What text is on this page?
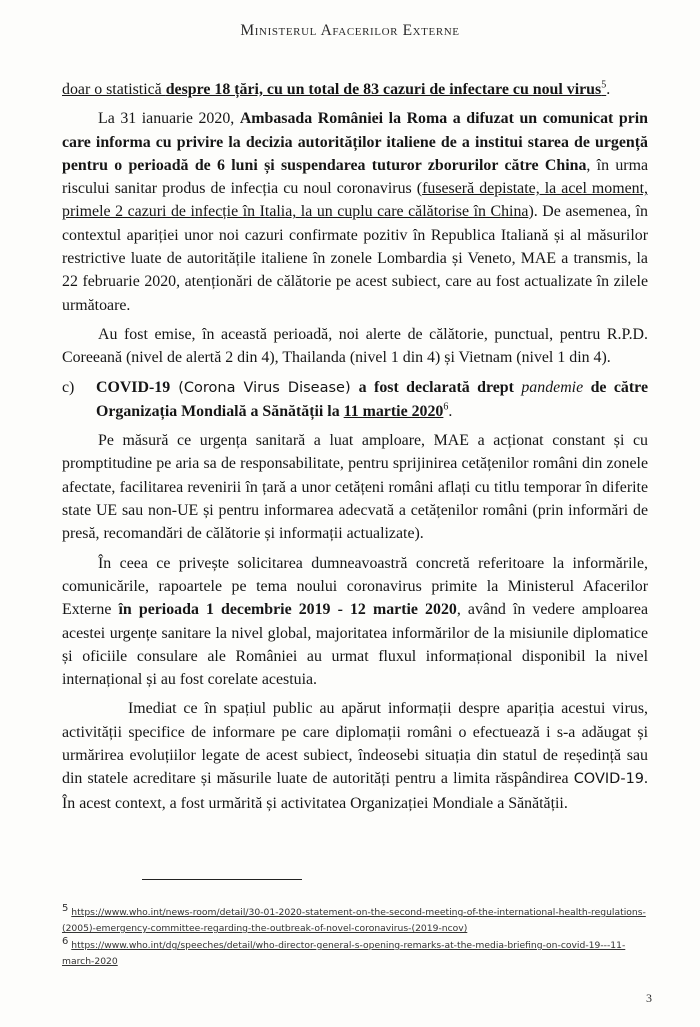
Ministerul Afacerilor Externe

doar o statistică despre 18 țări, cu un total de 83 cazuri de infectare cu noul virus$^5$.

La 31 ianuarie 2020, Ambasada României la Roma a difuzat un comunicat prin care informa cu privire la decizia autorităților italiene de a institui starea de urgență pentru o perioadă de 6 luni și suspendarea tuturor zborurilor către China, în urma riscului sanitar produs de infecția cu noul coronavirus (fuseseră depistate, la acel moment, primele 2 cazuri de infecție în Italia, la un cuplu care călătorise în China). De asemenea, în contextul apariției unor noi cazuri confirmate pozitiv în Republica Italiană și al măsurilor restrictive luate de autoritățile italiene în zonele Lombardia și Veneto, MAE a transmis, la 22 februarie 2020, atenționări de călătorie pe acest subiect, care au fost actualizate în zilele următoare.

Au fost emise, în această perioadă, noi alerte de călătorie, punctual, pentru R.P.D. Coreeană (nivel de alertă 2 din 4), Thailanda (nivel 1 din 4) și Vietnam (nivel 1 din 4).

c)	COVID-19 (Corona Virus Disease) a fost declarată drept pandemie de către Organizația Mondială a Sănătății la 11 martie 2020$^6$.

Pe măsură ce urgența sanitară a luat amploare, MAE a acționat constant și cu promptitudine pe aria sa de responsabilitate, pentru sprijinirea cetățenilor români din zonele afectate, facilitarea revenirii în țară a unor cetățeni români aflați cu titlu temporar în diferite state UE sau non-UE și pentru informarea adecvată a cetățenilor români (prin informări de presă, recomandări de călătorie și informații actualizate).

În ceea ce privește solicitarea dumneavoastră concretă referitoare la informările, comunicările, rapoartele pe tema noului coronavirus primite la Ministerul Afacerilor Externe în perioada 1 decembrie 2019 - 12 martie 2020, având în vedere amploarea acestei urgențe sanitare la nivel global, majoritatea informărilor de la misiunile diplomatice și oficiile consulare ale României au urmat fluxul informațional disponibil la nivel internațional și au fost corelate acestuia.

Imediat ce în spațiul public au apărut informații despre apariția acestui virus, activității specifice de informare pe care diplomații români o efectuează i s-a adăugat și urmărirea evoluțiilor legate de acest subiect, îndeosebi situația din statul de reședință sau din statele acreditare și măsurile luate de autorități pentru a limita răspândirea COVID-19. În acest context, a fost urmărită și activitatea Organizației Mondiale a Sănătății.

$^5$ https://www.who.int/news-room/detail/30-01-2020-statement-on-the-second-meeting-of-the-international-health-regulations-(2005)-emergency-committee-regarding-the-outbreak-of-novel-coronavirus-(2019-ncov)
$^6$ https://www.who.int/dg/speeches/detail/who-director-general-s-opening-remarks-at-the-media-briefing-on-covid-19---11-march-2020
3
